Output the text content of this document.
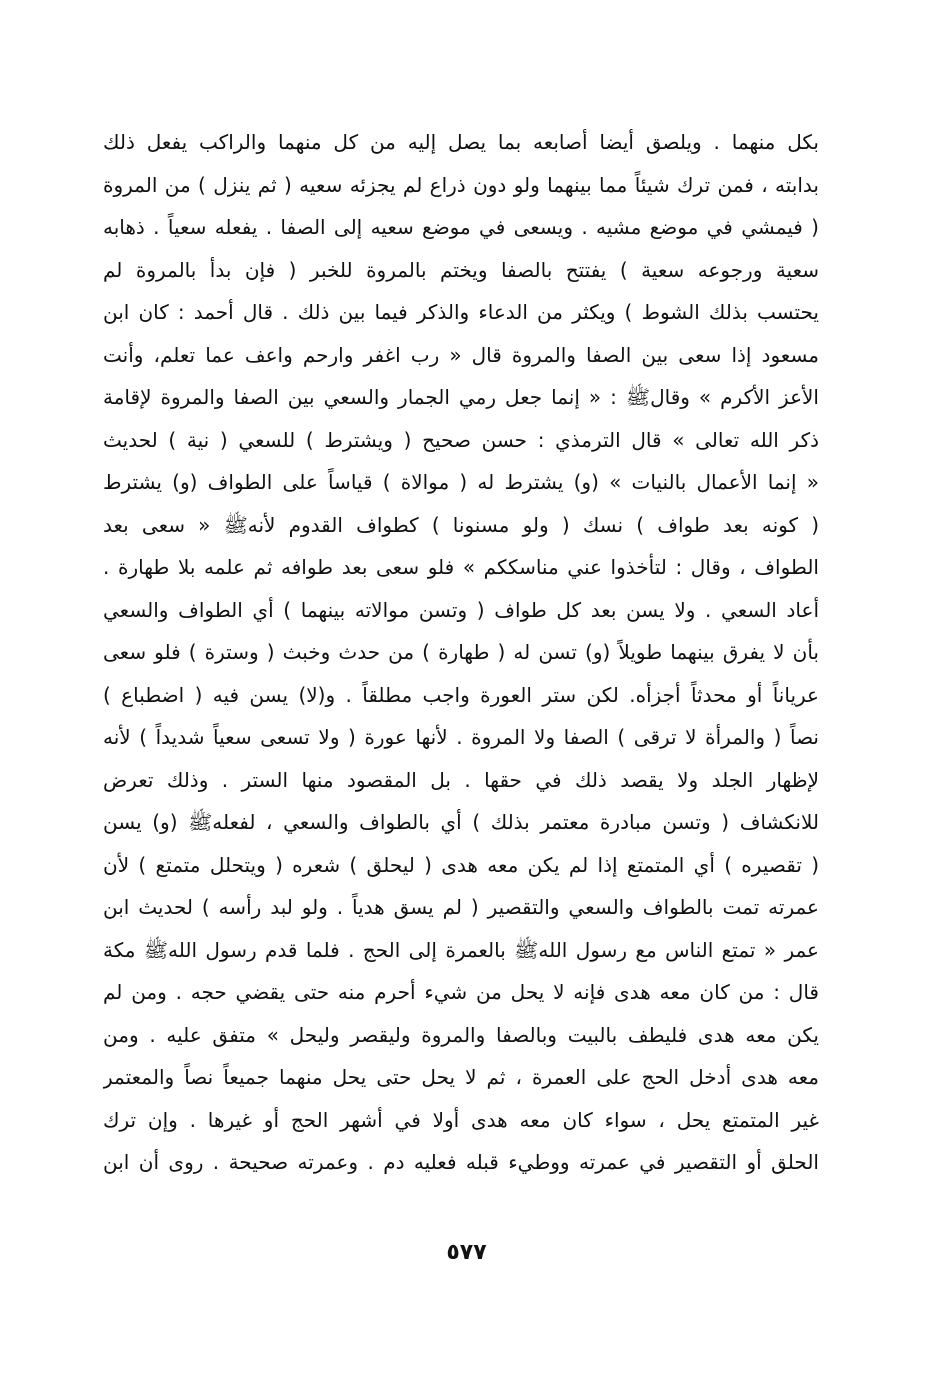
بكل منهما . ويلصق أيضا أصابعه بما يصل إليه من كل منهما والراكب يفعل ذلك
بدابته ، فمن ترك شيئاً مما بينهما ولو دون ذراع لم يجزئه سعيه ( ثم ينزل ) من المروة
( فيمشي في موضع مشيه . ويسعى في موضع سعيه إلى الصفا . يفعله سعياً . ذهابه
سعية ورجوعه سعية ) يفتتح بالصفا ويختم بالمروة للخبر ( فإن بدأ بالمروة لم
يحتسب بذلك الشوط ) ويكثر من الدعاء والذكر فيما بين ذلك . قال أحمد : كان ابن
مسعود إذا سعى بين الصفا والمروة قال « رب اغفر وارحم واعف عما تعلم، وأنت
الأعز الأكرم » وقالﷺ : « إنما جعل رمي الجمار والسعي بين الصفا والمروة لإقامة
ذكر الله تعالى » قال الترمذي : حسن صحيح ( ويشترط ) للسعي ( نية ) لحديث
« إنما الأعمال بالنيات » (و) يشترط له ( موالاة ) قياساً على الطواف (و) يشترط
( كونه بعد طواف ) نسك ( ولو مسنونا ) كطواف القدوم لأنهﷺ « سعى بعد
الطواف ، وقال : لتأخذوا عني مناسككم » فلو سعى بعد طوافه ثم علمه بلا طهارة .
أعاد السعي . ولا يسن بعد كل طواف ( وتسن موالاته بينهما ) أي الطواف والسعي
بأن لا يفرق بينهما طويلاً (و) تسن له ( طهارة ) من حدث وخبث ( وسترة ) فلو سعى
عرياناً أو محدثاً أجزأه. لكن ستر العورة واجب مطلقاً . و(لا) يسن فيه ( اضطباع )
نصاً ( والمرأة لا ترقى ) الصفا ولا المروة . لأنها عورة ( ولا تسعى سعياً شديداً ) لأنه
لإظهار الجلد ولا يقصد ذلك في حقها . بل المقصود منها الستر . وذلك تعرض
للانكشاف ( وتسن مبادرة معتمر بذلك ) أي بالطواف والسعي ، لفعلهﷺ (و) يسن
( تقصيره ) أي المتمتع إذا لم يكن معه هدى ( ليحلق ) شعره ( ويتحلل متمتع ) لأن
عمرته تمت بالطواف والسعي والتقصير ( لم يسق هدياً . ولو لبد رأسه ) لحديث ابن
عمر « تمتع الناس مع رسول اللهﷺ بالعمرة إلى الحج . فلما قدم رسول اللهﷺ مكة
قال : من كان معه هدى فإنه لا يحل من شيء أحرم منه حتى يقضي حجه . ومن لم
يكن معه هدى فليطف بالبيت وبالصفا والمروة وليقصر وليحل » متفق عليه . ومن
معه هدى أدخل الحج على العمرة ، ثم لا يحل حتى يحل منهما جميعاً نصاً والمعتمر
غير المتمتع يحل ، سواء كان معه هدى أولا في أشهر الحج أو غيرها . وإن ترك
الحلق أو التقصير في عمرته ووطيء قبله فعليه دم . وعمرته صحيحة . روى أن ابن
٥٧٧
